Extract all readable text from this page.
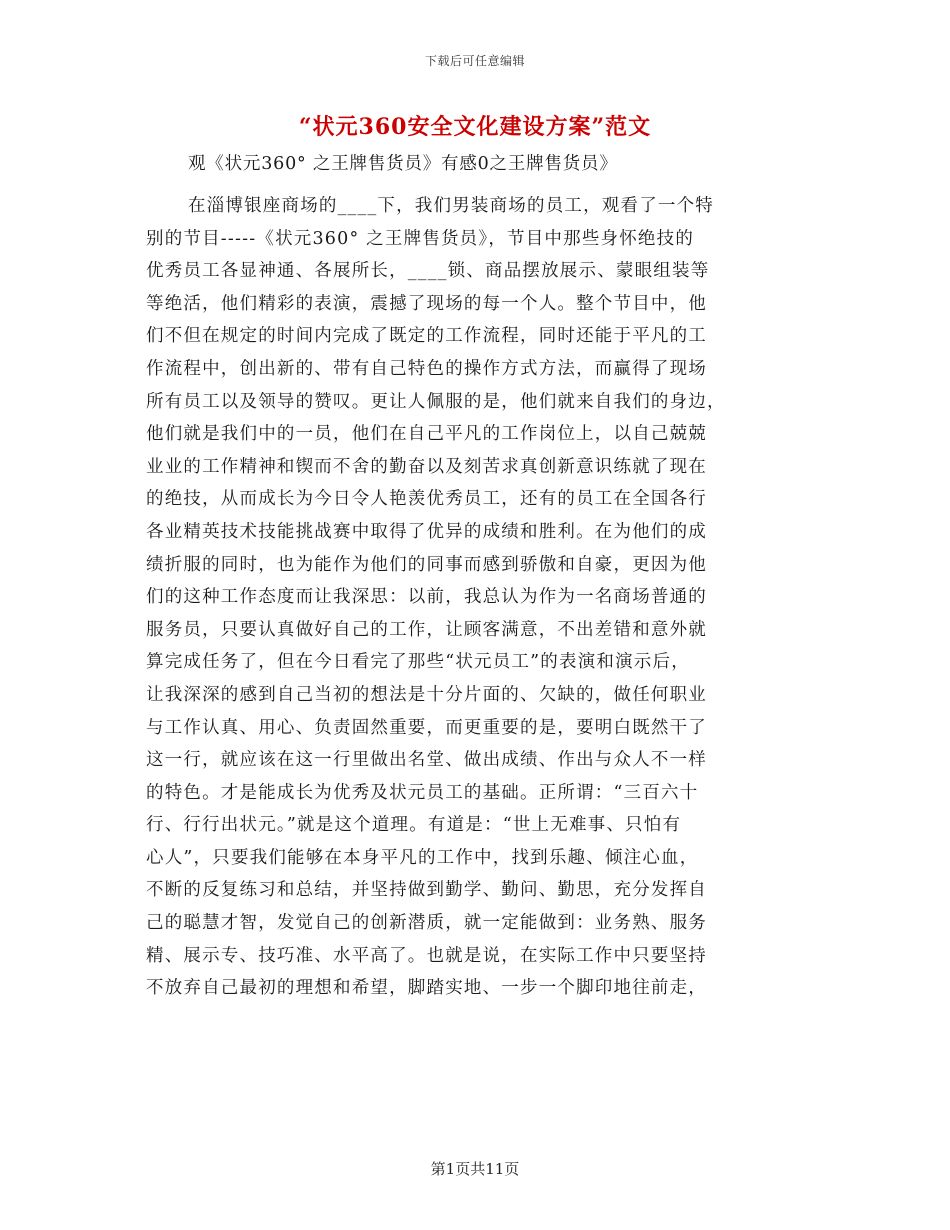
下载后可任意编辑
“状元360安全文化建设方案”范文
观《状元360° 之王牌售货员》有感0之王牌售货员》
在淄博银座商场的____下，我们男装商场的员工，观看了一个特
别的节目-----《状元360° 之王牌售货员》，节目中那些身怀绝技的
优秀员工各显神通、各展所长，____锁、商品摆放展示、蒙眼组装等
等绝活，他们精彩的表演，震撼了现场的每一个人。整个节目中，他
们不但在规定的时间内完成了既定的工作流程，同时还能于平凡的工
作流程中，创出新的、带有自己特色的操作方式方法，而赢得了现场
所有员工以及领导的赞叹。更让人佩服的是，他们就来自我们的身边，
他们就是我们中的一员，他们在自己平凡的工作岗位上，以自己兢兢
业业的工作精神和锲而不舍的勤奋以及刻苦求真创新意识练就了现在
的绝技，从而成长为今日令人艳羡优秀员工，还有的员工在全国各行
各业精英技术技能挑战赛中取得了优异的成绩和胜利。在为他们的成
绩折服的同时，也为能作为他们的同事而感到骄傲和自豪，更因为他
们的这种工作态度而让我深思：以前，我总认为作为一名商场普通的
服务员，只要认真做好自己的工作，让顾客满意，不出差错和意外就
算完成任务了，但在今日看完了那些“状元员工”的表演和演示后，
让我深深的感到自己当初的想法是十分片面的、欠缺的，做任何职业
与工作认真、用心、负责固然重要，而更重要的是，要明白既然干了
这一行，就应该在这一行里做出名堂、做出成绩、作出与众人不一样
的特色。才是能成长为优秀及状元员工的基础。正所谓：“三百六十
行、行行出状元。”就是这个道理。有道是：“世上无难事、只怕有
心人”，只要我们能够在本身平凡的工作中，找到乐趣、倾注心血，
不断的反复练习和总结，并坚持做到勤学、勤问、勤思，充分发挥自
己的聪慧才智，发觉自己的创新潜质，就一定能做到：业务熟、服务
精、展示专、技巧准、水平高了。也就是说，在实际工作中只要坚持
不放弃自己最初的理想和希望，脚踏实地、一步一个脚印地往前走，
第1页共11页
